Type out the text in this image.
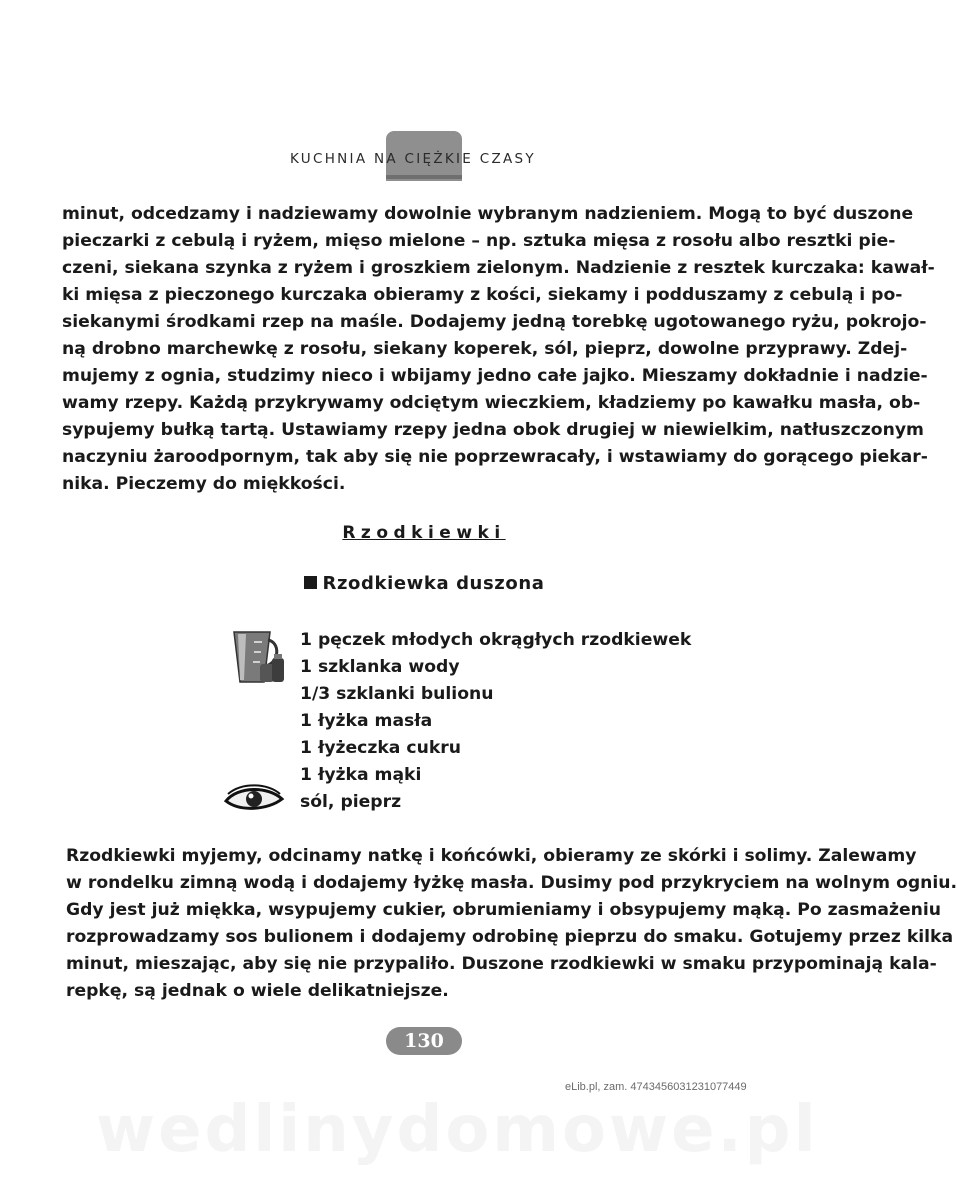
KUCHNIA NA CIĘŻKIE CZASY
minut, odcedzamy i nadziewamy dowolnie wybranym nadzieniem. Mogą to być duszone
pieczarki z cebulą i ryżem, mięso mielone – np. sztuka mięsa z rosołu albo resztki pie-
czeni, siekana szynka z ryżem i groszkiem zielonym. Nadzienie z resztek kurczaka: kawał-
ki mięsa z pieczonego kurczaka obieramy z kości, siekamy i podduszamy z cebulą i po-
siekanymi środkami rzep na maśle. Dodajemy jedną torebkę ugotowanego ryżu, pokrojo-
ną drobno marchewkę z rosołu, siekany koperek, sól, pieprz, dowolne przyprawy. Zdej-
mujemy z ognia, studzimy nieco i wbijamy jedno całe jajko. Mieszamy dokładnie i nadzie-
wamy rzepy. Każdą przykrywamy odciętym wieczkiem, kładziemy po kawałku masła, ob-
sypujemy bułką tartą. Ustawiamy rzepy jedna obok drugiej w niewielkim, natłuszczonym
naczyniu żaroodpornym, tak aby się nie poprzewracały, i wstawiamy do gorącego piekar-
nika. Pieczemy do miękkości.
Rzodkiewki
Rzodkiewka duszona
1 pęczek młodych okrągłych rzodkiewek
1 szklanka wody
1/3 szklanki bulionu
1 łyżka masła
1 łyżeczka cukru
1 łyżka mąki
sól, pieprz
Rzodkiewki myjemy, odcinamy natkę i końcówki, obieramy ze skórki i solimy. Zalewamy
w rondelku zimną wodą i dodajemy łyżkę masła. Dusimy pod przykryciem na wolnym ogniu.
Gdy jest już miękka, wsypujemy cukier, obrumieniamy i obsypujemy mąką. Po zasmażeniu
rozprowadzamy sos bulionem i dodajemy odrobinę pieprzu do smaku. Gotujemy przez kilka
minut, mieszając, aby się nie przypaliło. Duszone rzodkiewki w smaku przypominają kala-
repkę, są jednak o wiele delikatniejsze.
130
eLib.pl, zam. 4743456031231077449
wedlinydomowe.pl
